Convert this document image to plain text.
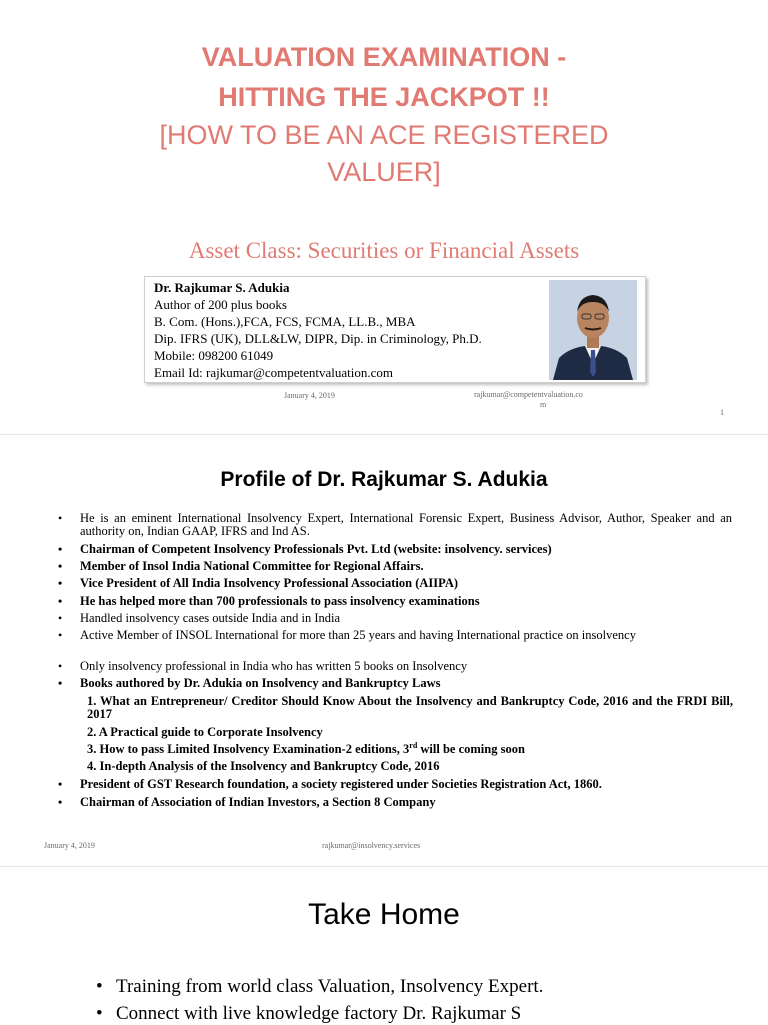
VALUATION EXAMINATION -
HITTING THE JACKPOT !!
[HOW TO BE AN ACE REGISTERED
VALUER]
Asset Class: Securities or Financial Assets
Dr. Rajkumar S. Adukia
Author of 200 plus books
B. Com. (Hons.),FCA, FCS, FCMA, LL.B., MBA
Dip. IFRS (UK), DLL&LW, DIPR, Dip. in Criminology, Ph.D.
Mobile: 098200 61049
Email Id: rajkumar@competentvaluation.com
January 4, 2019	rajkumar@competentvaluation.co
m
1
Profile of Dr. Rajkumar S. Adukia
• He is an eminent International Insolvency Expert, International Forensic Expert, Business Advisor, Author, Speaker and an authority on, Indian GAAP, IFRS and Ind AS.
• Chairman of Competent Insolvency Professionals Pvt. Ltd (website: insolvency. services)
• Member of Insol India National Committee for Regional Affairs.
• Vice President of All India Insolvency Professional Association (AIIPA)
• He has helped more than 700 professionals to pass insolvency examinations
• Handled insolvency cases outside India and in India
• Active Member of INSOL International for more than 25 years and having International practice on insolvency
• Only insolvency professional in India who has written 5 books on Insolvency
• Books authored by Dr. Adukia on Insolvency and Bankruptcy Laws
1. What an Entrepreneur/ Creditor Should Know About the Insolvency and Bankruptcy Code, 2016 and the FRDI Bill, 2017
2. A Practical guide to Corporate Insolvency
3. How to pass Limited Insolvency Examination-2 editions, 3rd will be coming soon
4. In-depth Analysis of the Insolvency and Bankruptcy Code, 2016
• President of GST Research foundation, a society registered under Societies Registration Act, 1860.
• Chairman of Association of Indian Investors, a Section 8 Company
January 4, 2019	rajkumar@insolvency.services
Take Home
• Training from world class Valuation, Insolvency Expert.
• Connect with live knowledge factory Dr. Rajkumar S
